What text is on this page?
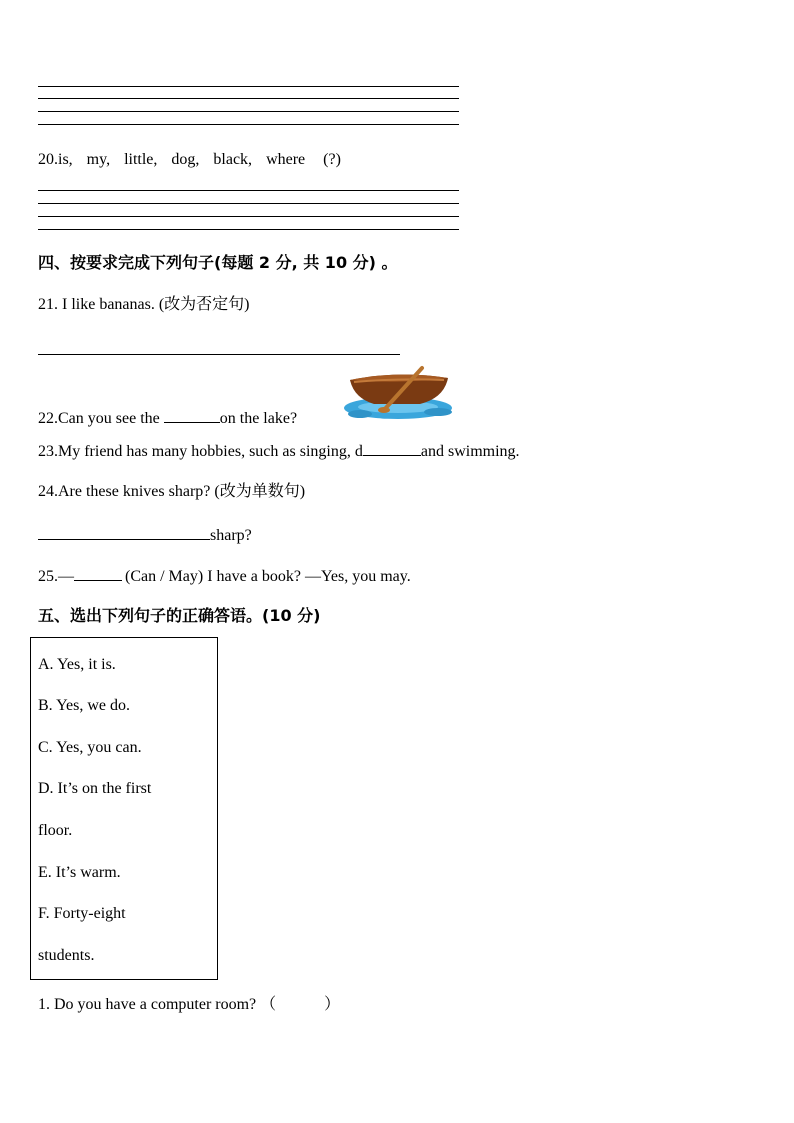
20.is, my, little, dog, black, where (?)
四、按要求完成下列句子(每题 2 分, 共 10 分) 。
21. I like bananas. (改为否定句)
22.Can you see the	on the lake?
23.My friend has many hobbies, such as singing, d	and swimming.
24.Are these knives sharp? (改为单数句)
sharp?
25.—	(Can / May) I have a book? —Yes, you may.
五、选出下列句子的正确答语。(10 分)
A. Yes, it is.
B. Yes, we do.
C. Yes, you can.
D. It’s on the first
floor.
E. It’s warm.
F. Forty-eight
students.
1. Do you have a computer room? （　　　）
